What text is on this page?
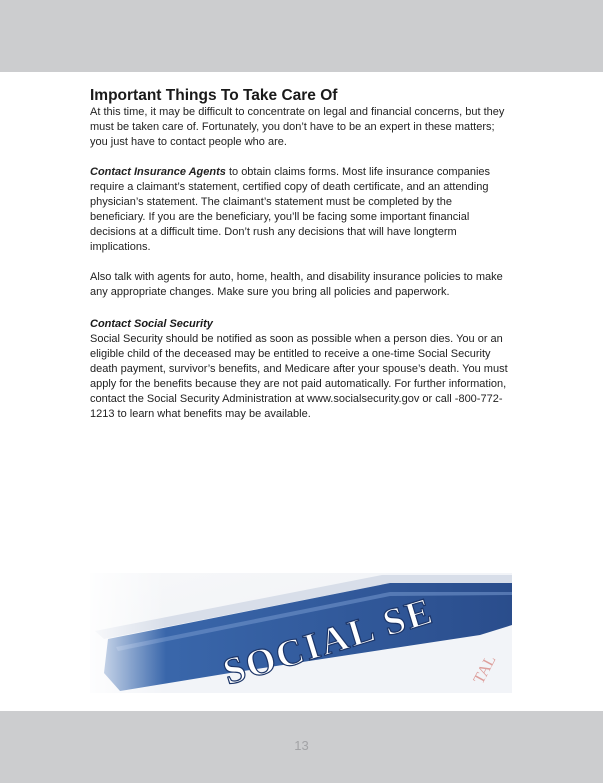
Important Things To Take Care Of

At this time, it may be difficult to concentrate on legal and financial concerns, but they must be taken care of. Fortunately, you don’t have to be an expert in these matters; you just have to contact people who are.

Contact Insurance Agents to obtain claims forms. Most life insurance companies require a claimant’s statement, certified copy of death certificate, and an attending physician’s statement. The claimant’s statement must be completed by the beneficiary. If you are the beneficiary, you’ll be facing some important financial decisions at a difficult time. Don’t rush any decisions that will have longterm implications.

Also talk with agents for auto, home, health, and disability insurance policies to make any appropriate changes. Make sure you bring all policies and paperwork.

Contact Social Security

Social Security should be notified as soon as possible when a person dies. You or an eligible child of the deceased may be entitled to receive a one-time Social Security death payment, survivor’s benefits, and Medicare after your spouse’s death. You must apply for the benefits because they are not paid automatically. For further information, contact the Social Security Administration at www.socialsecurity.gov or call -800-772-1213 to learn what benefits may be available.

13
